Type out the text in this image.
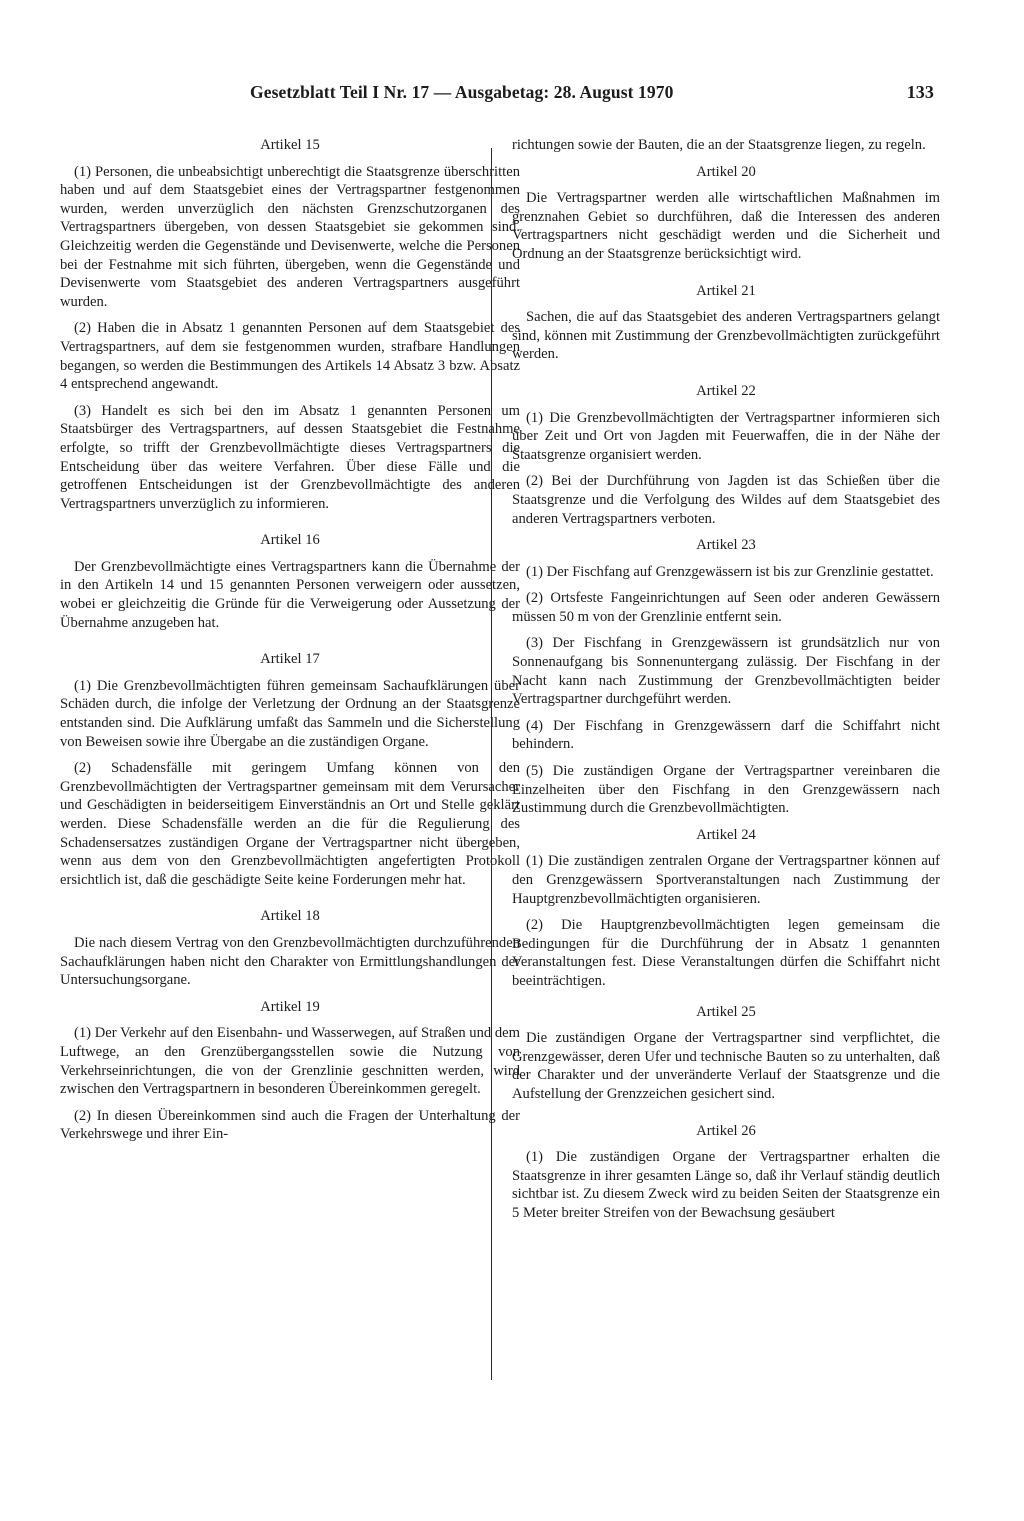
Gesetzblatt Teil I Nr. 17 — Ausgabetag: 28. August 1970	133
Artikel 15

(1) Personen, die unbeabsichtigt unberechtigt die Staatsgrenze überschritten haben und auf dem Staatsgebiet eines der Vertragspartner festgenommen wurden, werden unverzüglich den nächsten Grenzschutzorganen des Vertragspartners übergeben, von dessen Staatsgebiet sie gekommen sind. Gleichzeitig werden die Gegenstände und Devisenwerte, welche die Personen bei der Festnahme mit sich führten, übergeben, wenn die Gegenstände und Devisenwerte vom Staatsgebiet des anderen Vertragspartners ausgeführt wurden.

(2) Haben die in Absatz 1 genannten Personen auf dem Staatsgebiet des Vertragspartners, auf dem sie festgenommen wurden, strafbare Handlungen begangen, so werden die Bestimmungen des Artikels 14 Absatz 3 bzw. Absatz 4 entsprechend angewandt.

(3) Handelt es sich bei den im Absatz 1 genannten Personen um Staatsbürger des Vertragspartners, auf dessen Staatsgebiet die Festnahme erfolgte, so trifft der Grenzbevollmächtigte dieses Vertragspartners die Entscheidung über das weitere Verfahren. Über diese Fälle und die getroffenen Entscheidungen ist der Grenzbevollmächtigte des anderen Vertragspartners unverzüglich zu informieren.

Artikel 16

Der Grenzbevollmächtigte eines Vertragspartners kann die Übernahme der in den Artikeln 14 und 15 genannten Personen verweigern oder aussetzen, wobei er gleichzeitig die Gründe für die Verweigerung oder Aussetzung der Übernahme anzugeben hat.

Artikel 17

(1) Die Grenzbevollmächtigten führen gemeinsam Sachaufklärungen über Schäden durch, die infolge der Verletzung der Ordnung an der Staatsgrenze entstanden sind. Die Aufklärung umfaßt das Sammeln und die Sicherstellung von Beweisen sowie ihre Übergabe an die zuständigen Organe.

(2) Schadensfälle mit geringem Umfang können von den Grenzbevollmächtigten der Vertragspartner gemeinsam mit dem Verursacher und Geschädigten in beiderseitigem Einverständnis an Ort und Stelle geklärt werden. Diese Schadensfälle werden an die für die Regulierung des Schadensersatzes zuständigen Organe der Vertragspartner nicht übergeben, wenn aus dem von den Grenzbevollmächtigten angefertigten Protokoll ersichtlich ist, daß die geschädigte Seite keine Forderungen mehr hat.

Artikel 18

Die nach diesem Vertrag von den Grenzbevollmächtigten durchzuführenden Sachaufklärungen haben nicht den Charakter von Ermittlungshandlungen der Untersuchungsorgane.

Artikel 19

(1) Der Verkehr auf den Eisenbahn- und Wasserwegen, auf Straßen und dem Luftwege, an den Grenzübergangsstellen sowie die Nutzung von Verkehrseinrichtungen, die von der Grenzlinie geschnitten werden, wird zwischen den Vertragspartnern in besonderen Übereinkommen geregelt.

(2) In diesen Übereinkommen sind auch die Fragen der Unterhaltung der Verkehrswege und ihrer Ein-

richtungen sowie der Bauten, die an der Staatsgrenze liegen, zu regeln.

Artikel 20

Die Vertragspartner werden alle wirtschaftlichen Maßnahmen im grenznahen Gebiet so durchführen, daß die Interessen des anderen Vertragspartners nicht geschädigt werden und die Sicherheit und Ordnung an der Staatsgrenze berücksichtigt wird.

Artikel 21

Sachen, die auf das Staatsgebiet des anderen Vertragspartners gelangt sind, können mit Zustimmung der Grenzbevollmächtigten zurückgeführt werden.

Artikel 22

(1) Die Grenzbevollmächtigten der Vertragspartner informieren sich über Zeit und Ort von Jagden mit Feuerwaffen, die in der Nähe der Staatsgrenze organisiert werden.

(2) Bei der Durchführung von Jagden ist das Schießen über die Staatsgrenze und die Verfolgung des Wildes auf dem Staatsgebiet des anderen Vertragspartners verboten.

Artikel 23

(1) Der Fischfang auf Grenzgewässern ist bis zur Grenzlinie gestattet.

(2) Ortsfeste Fangeinrichtungen auf Seen oder anderen Gewässern müssen 50 m von der Grenzlinie entfernt sein.

(3) Der Fischfang in Grenzgewässern ist grundsätzlich nur von Sonnenaufgang bis Sonnenuntergang zulässig. Der Fischfang in der Nacht kann nach Zustimmung der Grenzbevollmächtigten beider Vertragspartner durchgeführt werden.

(4) Der Fischfang in Grenzgewässern darf die Schiffahrt nicht behindern.

(5) Die zuständigen Organe der Vertragspartner vereinbaren die Einzelheiten über den Fischfang in den Grenzgewässern nach Zustimmung durch die Grenzbevollmächtigten.

Artikel 24

(1) Die zuständigen zentralen Organe der Vertragspartner können auf den Grenzgewässern Sportveranstaltungen nach Zustimmung der Hauptgrenzbevollmächtigten organisieren.

(2) Die Hauptgrenzbevollmächtigten legen gemeinsam die Bedingungen für die Durchführung der in Absatz 1 genannten Veranstaltungen fest. Diese Veranstaltungen dürfen die Schiffahrt nicht beeinträchtigen.

Artikel 25

Die zuständigen Organe der Vertragspartner sind verpflichtet, die Grenzgewässer, deren Ufer und technische Bauten so zu unterhalten, daß der Charakter und der unveränderte Verlauf der Staatsgrenze und die Aufstellung der Grenzzeichen gesichert sind.

Artikel 26

(1) Die zuständigen Organe der Vertragspartner erhalten die Staatsgrenze in ihrer gesamten Länge so, daß ihr Verlauf ständig deutlich sichtbar ist. Zu diesem Zweck wird zu beiden Seiten der Staatsgrenze ein 5 Meter breiter Streifen von der Bewachsung gesäubert
